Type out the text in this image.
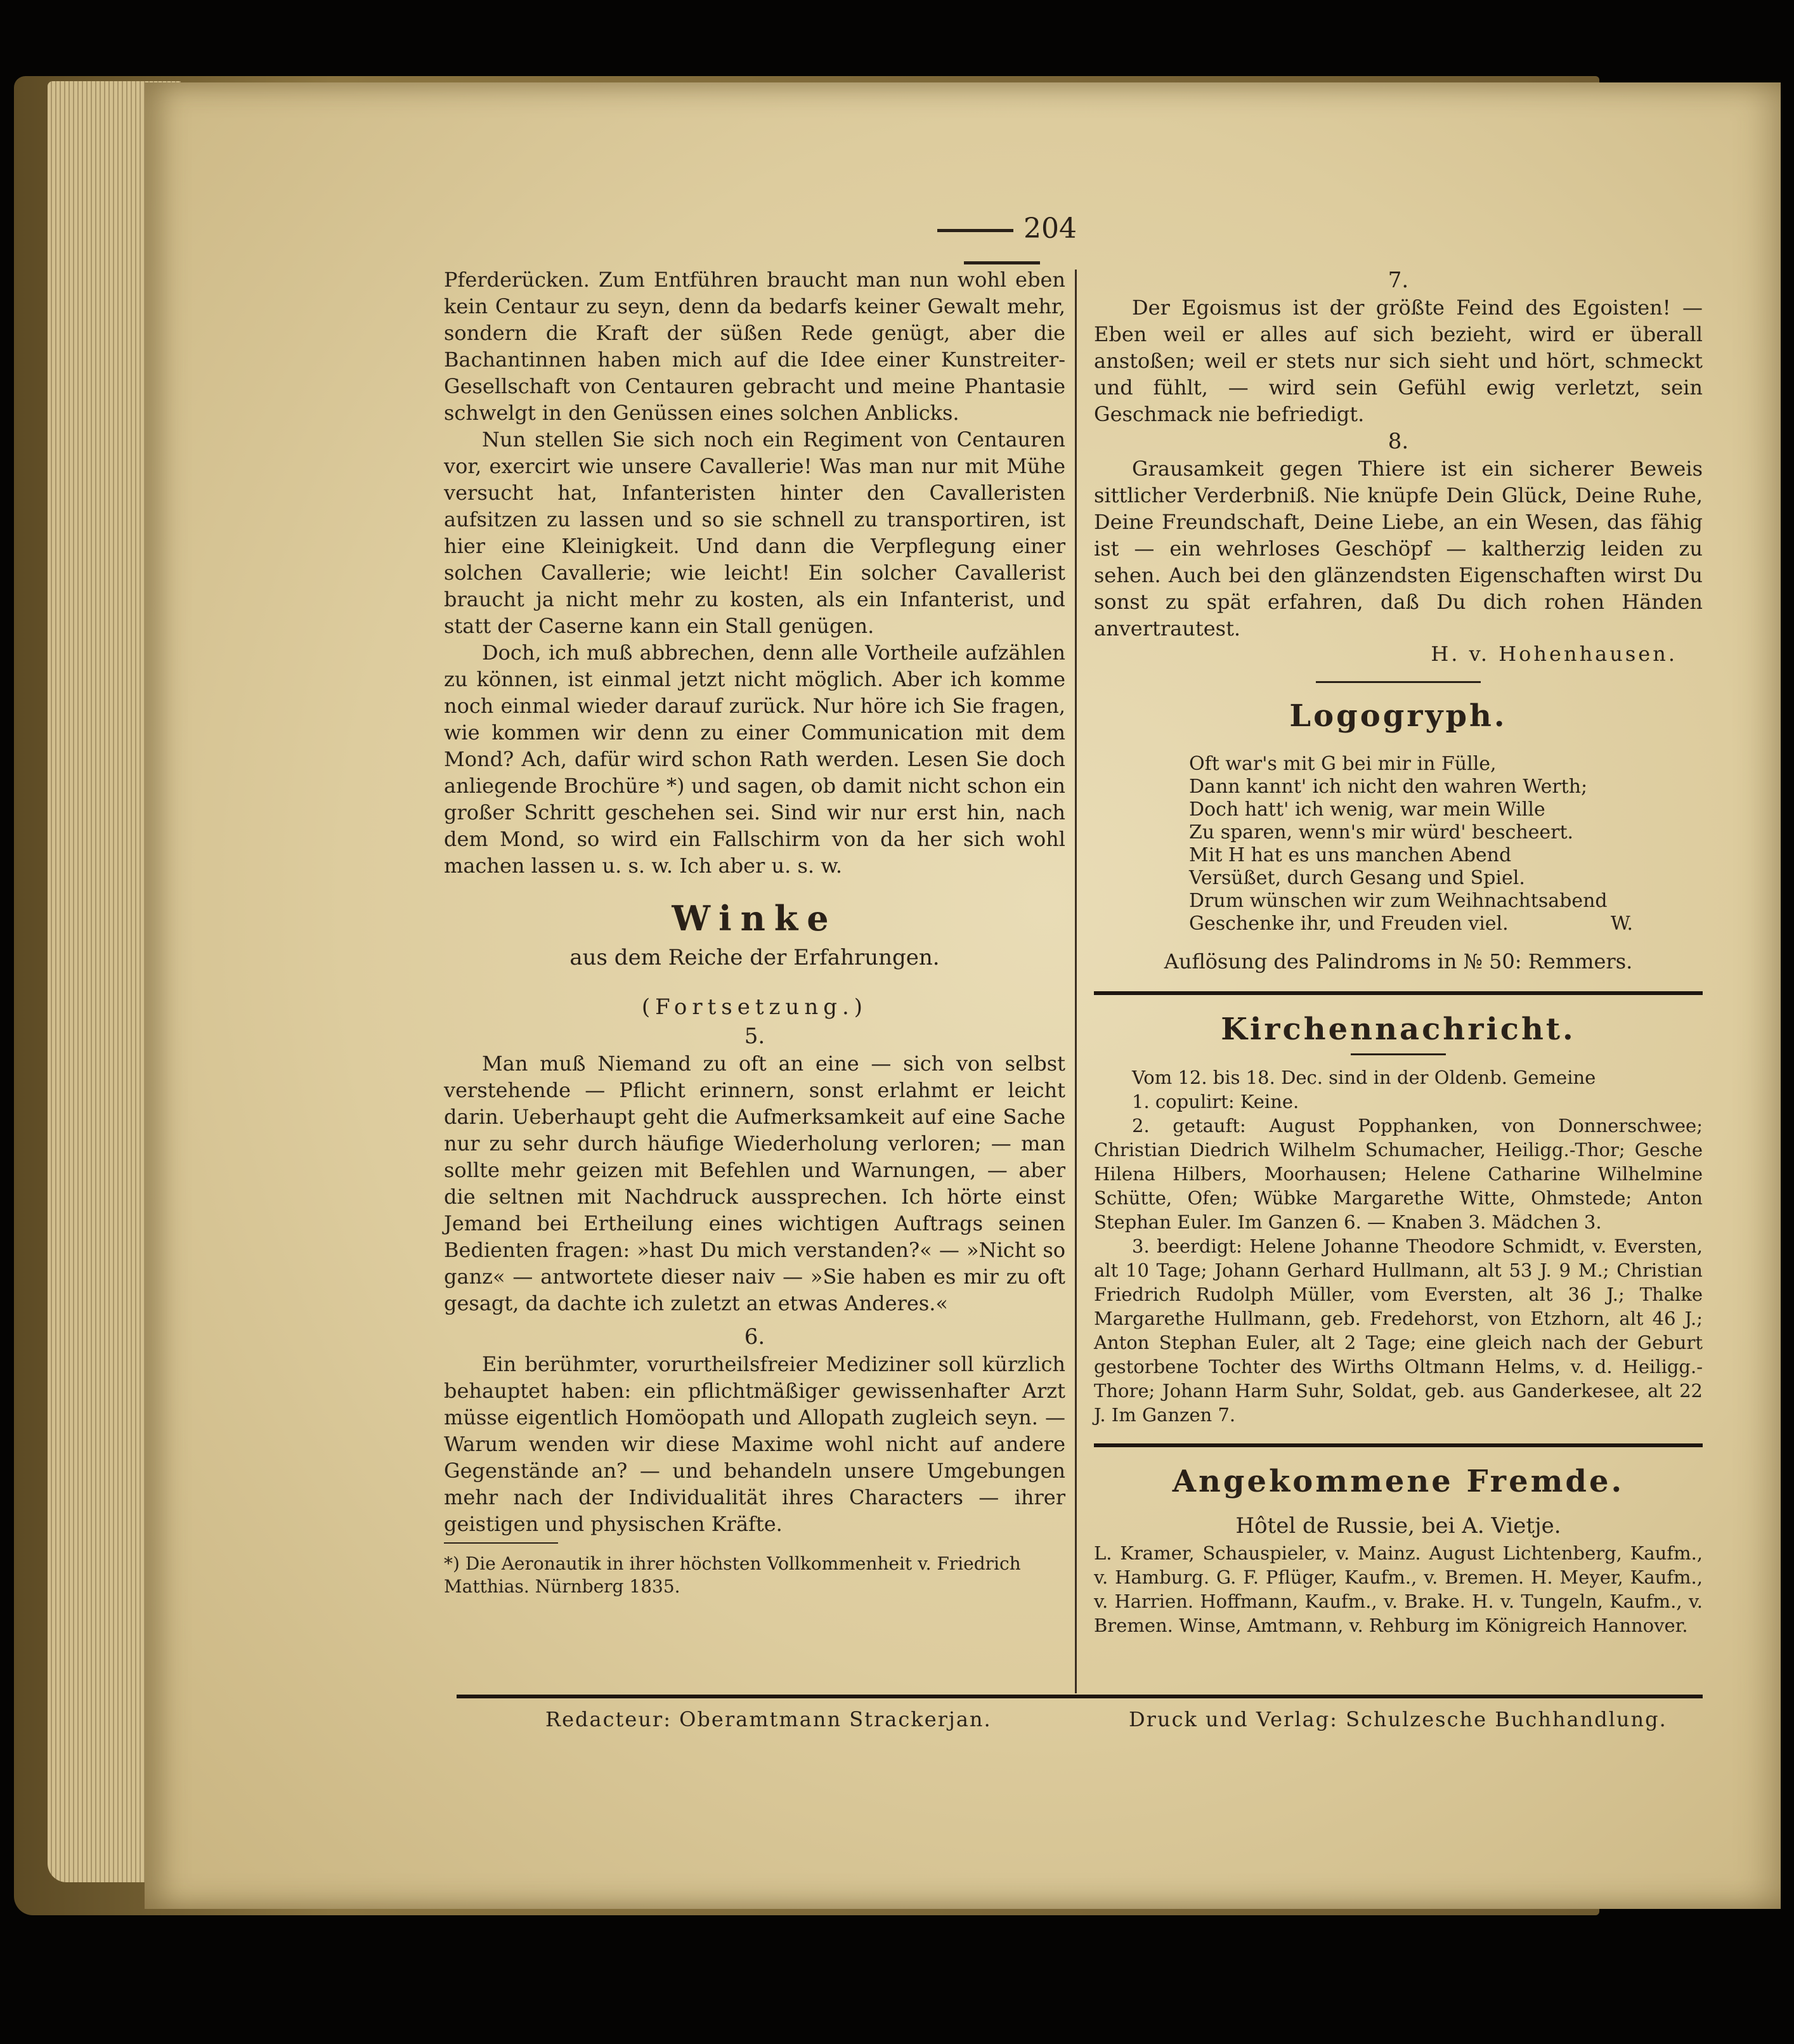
204

Pferderücken. Zum Entführen braucht man nun wohl eben kein Centaur zu seyn, denn da bedarfs keiner Gewalt mehr, sondern die Kraft der süßen Rede genügt, aber die Bachantinnen haben mich auf die Idee einer Kunstreiter-Gesellschaft von Centauren gebracht und meine Phantasie schwelgt in den Genüssen eines solchen Anblicks.

Nun stellen Sie sich noch ein Regiment von Centauren vor, exercirt wie unsere Cavallerie! Was man nur mit Mühe versucht hat, Infanteristen hinter den Cavalleristen aufsitzen zu lassen und so sie schnell zu transportiren, ist hier eine Kleinigkeit. Und dann die Verpflegung einer solchen Cavallerie; wie leicht! Ein solcher Cavallerist braucht ja nicht mehr zu kosten, als ein Infanterist, und statt der Caserne kann ein Stall genügen.

Doch, ich muß abbrechen, denn alle Vortheile aufzählen zu können, ist einmal jetzt nicht möglich. Aber ich komme noch einmal wieder darauf zurück. Nur höre ich Sie fragen, wie kommen wir denn zu einer Communication mit dem Mond? Ach, dafür wird schon Rath werden. Lesen Sie doch anliegende Brochüre *) und sagen, ob damit nicht schon ein großer Schritt geschehen sei. Sind wir nur erst hin, nach dem Mond, so wird ein Fallschirm von da her sich wohl machen lassen u. s. w. Ich aber u. s. w.

Winke
aus dem Reiche der Erfahrungen.
(Fortsetzung.)
5.

Man muß Niemand zu oft an eine — sich von selbst verstehende — Pflicht erinnern, sonst erlahmt er leicht darin. Ueberhaupt geht die Aufmerksamkeit auf eine Sache nur zu sehr durch häufige Wiederholung verloren; — man sollte mehr geizen mit Befehlen und Warnungen, — aber die seltnen mit Nachdruck aussprechen. Ich hörte einst Jemand bei Ertheilung eines wichtigen Auftrags seinen Bedienten fragen: »hast Du mich verstanden?« — »Nicht so ganz« — antwortete dieser naiv — »Sie haben es mir zu oft gesagt, da dachte ich zuletzt an etwas Anderes.«

6.

Ein berühmter, vorurtheilsfreier Mediziner soll kürzlich behauptet haben: ein pflichtmäßiger gewissenhafter Arzt müsse eigentlich Homöopath und Allopath zugleich seyn. — Warum wenden wir diese Maxime wohl nicht auf andere Gegenstände an? — und behandeln unsere Umgebungen mehr nach der Individualität ihres Characters — ihrer geistigen und physischen Kräfte.

*) Die Aeronautik in ihrer höchsten Vollkommenheit v. Friedrich Matthias. Nürnberg 1835.

7.

Der Egoismus ist der größte Feind des Egoisten! — Eben weil er alles auf sich bezieht, wird er überall anstoßen; weil er stets nur sich sieht und hört, schmeckt und fühlt, — wird sein Gefühl ewig verletzt, sein Geschmack nie befriedigt.

8.

Grausamkeit gegen Thiere ist ein sicherer Beweis sittlicher Verderbniß. Nie knüpfe Dein Glück, Deine Ruhe, Deine Freundschaft, Deine Liebe, an ein Wesen, das fähig ist — ein wehrloses Geschöpf — kaltherzig leiden zu sehen. Auch bei den glänzendsten Eigenschaften wirst Du sonst zu spät erfahren, daß Du dich rohen Händen anvertrautest.

H. v. Hohenhausen.
Logogryph.
Oft war's mit G bei mir in Fülle,
Dann kannt' ich nicht den wahren Werth;
Doch hatt' ich wenig, war mein Wille
Zu sparen, wenn's mir würd' bescheert.
Mit H hat es uns manchen Abend
Versüßet, durch Gesang und Spiel.
Drum wünschen wir zum Weihnachtsabend
Geschenke ihr, und Freuden viel.	W.

Auflösung des Palindroms in № 50: Remmers.

Kirchennachricht.

Vom 12. bis 18. Dec. sind in der Oldenb. Gemeine

1. copulirt: Keine.

2. getauft: August Popphanken, von Donnerschwee; Christian Diedrich Wilhelm Schumacher, Heiligg.-Thor; Gesche Hilena Hilbers, Moorhausen; Helene Catharine Wilhelmine Schütte, Ofen; Wübke Margarethe Witte, Ohmstede; Anton Stephan Euler. Im Ganzen 6. — Knaben 3. Mädchen 3.

3. beerdigt: Helene Johanne Theodore Schmidt, v. Eversten, alt 10 Tage; Johann Gerhard Hullmann, alt 53 J. 9 M.; Christian Friedrich Rudolph Müller, vom Eversten, alt 36 J.; Thalke Margarethe Hullmann, geb. Fredehorst, von Etzhorn, alt 46 J.; Anton Stephan Euler, alt 2 Tage; eine gleich nach der Geburt gestorbene Tochter des Wirths Oltmann Helms, v. d. Heiligg.-Thore; Johann Harm Suhr, Soldat, geb. aus Ganderkesee, alt 22 J. Im Ganzen 7.

Angekommene Fremde.
Hôtel de Russie, bei A. Vietje.

L. Kramer, Schauspieler, v. Mainz. August Lichtenberg, Kaufm., v. Hamburg. G. F. Pflüger, Kaufm., v. Bremen. H. Meyer, Kaufm., v. Harrien. Hoffmann, Kaufm., v. Brake. H. v. Tungeln, Kaufm., v. Bremen. Winse, Amtmann, v. Rehburg im Königreich Hannover.

Redacteur: Oberamtmann Strackerjan.	Druck und Verlag: Schulzesche Buchhandlung.
